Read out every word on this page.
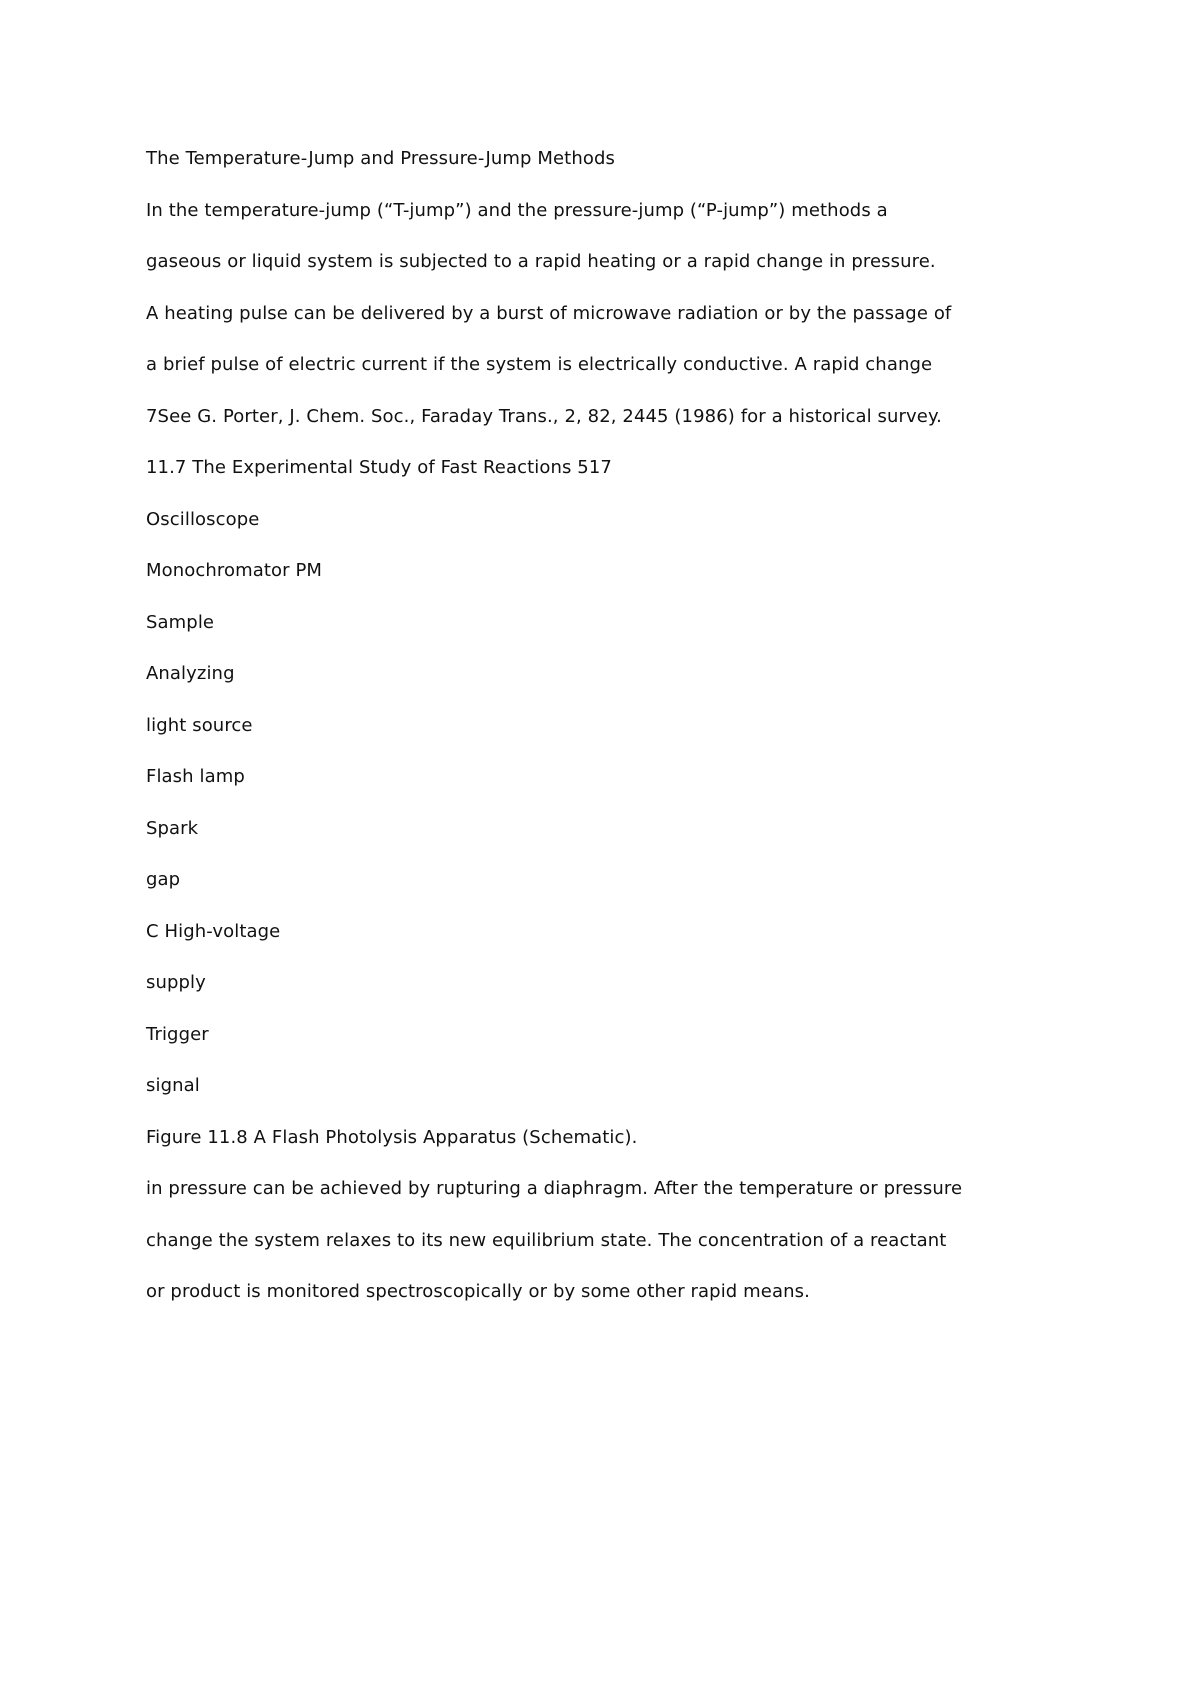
The Temperature-Jump and Pressure-Jump Methods
In the temperature-jump (“T-jump”) and the pressure-jump (“P-jump”) methods a
gaseous or liquid system is subjected to a rapid heating or a rapid change in pressure.
A heating pulse can be delivered by a burst of microwave radiation or by the passage of
a brief pulse of electric current if the system is electrically conductive. A rapid change
7See G. Porter, J. Chem. Soc., Faraday Trans., 2, 82, 2445 (1986) for a historical survey.
11.7 The Experimental Study of Fast Reactions 517
Oscilloscope
Monochromator PM
Sample
Analyzing
light source
Flash lamp
Spark
gap
C High-voltage
supply
Trigger
signal
Figure 11.8 A Flash Photolysis Apparatus (Schematic).
in pressure can be achieved by rupturing a diaphragm. After the temperature or pressure
change the system relaxes to its new equilibrium state. The concentration of a reactant
or product is monitored spectroscopically or by some other rapid means.
